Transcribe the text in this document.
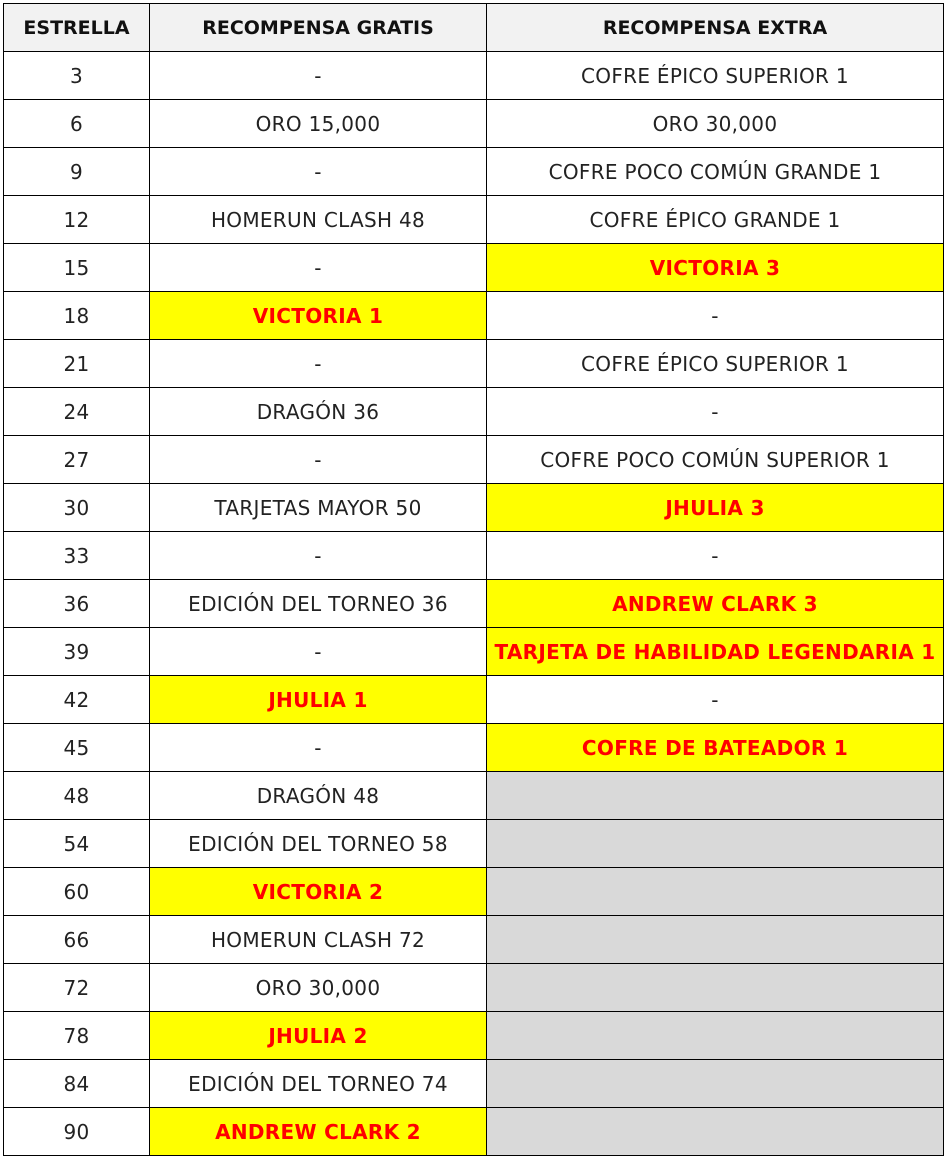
ESTRELLA	RECOMPENSA GRATIS	RECOMPENSA EXTRA
3	-	COFRE ÉPICO SUPERIOR 1
6	ORO 15,000	ORO 30,000
9	-	COFRE POCO COMÚN GRANDE 1
12	HOMERUN CLASH 48	COFRE ÉPICO GRANDE 1
15	-	VICTORIA 3
18	VICTORIA 1	-
21	-	COFRE ÉPICO SUPERIOR 1
24	DRAGÓN 36	-
27	-	COFRE POCO COMÚN SUPERIOR 1
30	TARJETAS MAYOR 50	JHULIA 3
33	-	-
36	EDICIÓN DEL TORNEO 36	ANDREW CLARK 3
39	-	TARJETA DE HABILIDAD LEGENDARIA 1
42	JHULIA 1	-
45	-	COFRE DE BATEADOR 1
48	DRAGÓN 48	
54	EDICIÓN DEL TORNEO 58	
60	VICTORIA 2	
66	HOMERUN CLASH 72	
72	ORO 30,000	
78	JHULIA 2	
84	EDICIÓN DEL TORNEO 74	
90	ANDREW CLARK 2	
